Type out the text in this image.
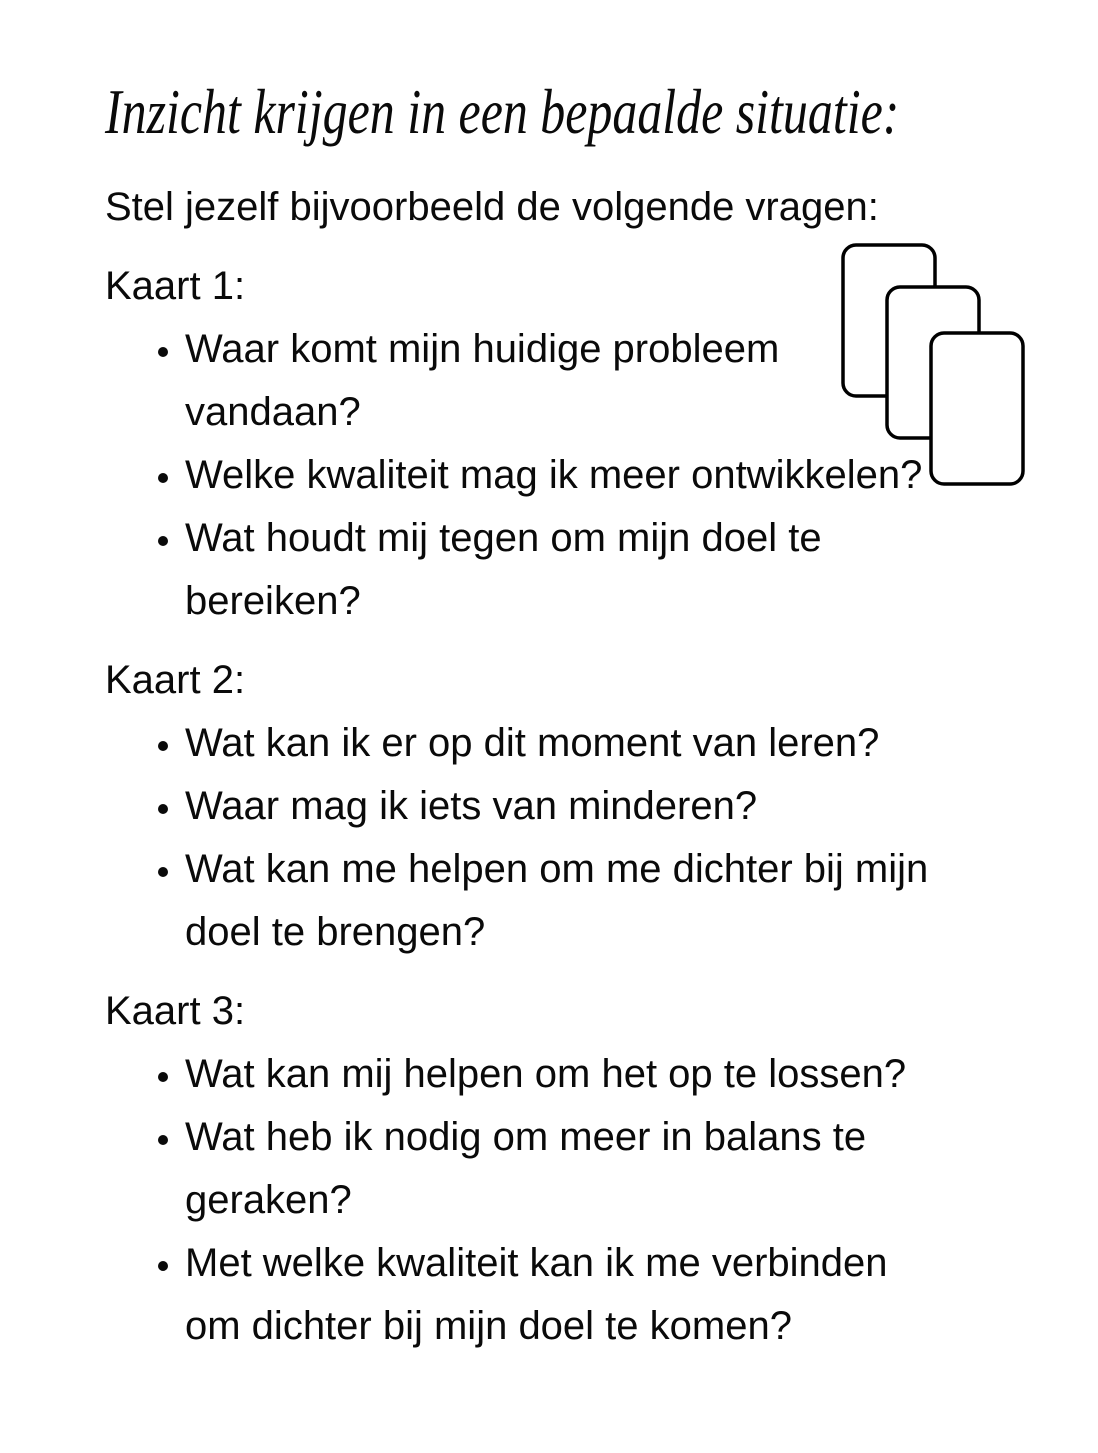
Inzicht krijgen in een bepaalde situatie:

Stel jezelf bijvoorbeeld de volgende vragen:

Kaart 1:
• Waar komt mijn huidige probleem
vandaan?
• Welke kwaliteit mag ik meer ontwikkelen?
• Wat houdt mij tegen om mijn doel te
bereiken?
Kaart 2:
• Wat kan ik er op dit moment van leren?
• Waar mag ik iets van minderen?
• Wat kan me helpen om me dichter bij mijn
doel te brengen?
Kaart 3:
• Wat kan mij helpen om het op te lossen?
• Wat heb ik nodig om meer in balans te
geraken?
• Met welke kwaliteit kan ik me verbinden
om dichter bij mijn doel te komen?
